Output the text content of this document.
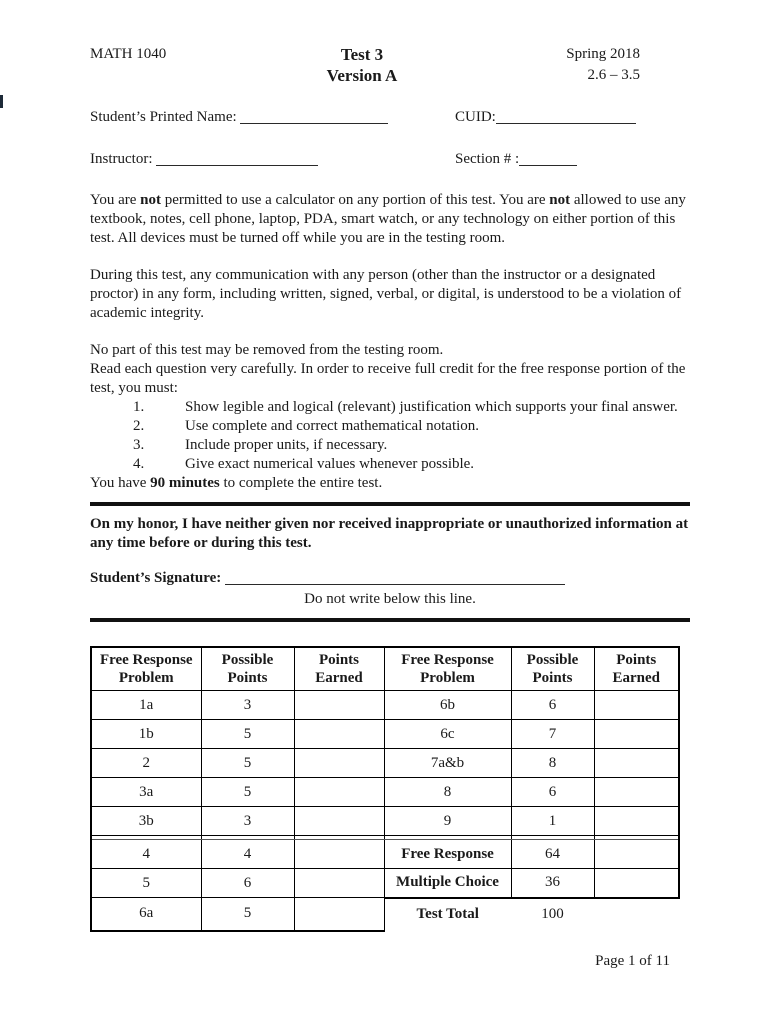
MATH 1040	Test 3
Version A
Spring 2018
2.6 – 3.5
Student’s Printed Name:	CUID:
Instructor:	Section # :

You are not permitted to use a calculator on any portion of this test. You are not allowed to use any textbook, notes, cell phone, laptop, PDA, smart watch, or any technology on either portion of this test. All devices must be turned off while you are in the testing room.

During this test, any communication with any person (other than the instructor or a designated proctor) in any form, including written, signed, verbal, or digital, is understood to be a violation of academic integrity.

No part of this test may be removed from the testing room.

Read each question very carefully. In order to receive full credit for the free response portion of the test, you must:
1.	Show legible and logical (relevant) justification which supports your final answer.
2.	Use complete and correct mathematical notation.
3.	Include proper units, if necessary.
4.	Give exact numerical values whenever possible.
You have 90 minutes to complete the entire test.

On my honor, I have neither given nor received inappropriate or unauthorized information at any time before or during this test.

Student’s Signature:
Do not write below this line.
Free Response Problem	Possible Points	Points Earned	Free Response Problem	Possible Points	Points Earned
1a	3		6b	6	
1b	5		6c	7	
2	5		7a&b	8	
3a	5		8	6	
3b	3		9	1	

4	4		Free Response	64	
5	6		Multiple Choice	36	
6a	5		Test Total	100	
Page 1 of 11
